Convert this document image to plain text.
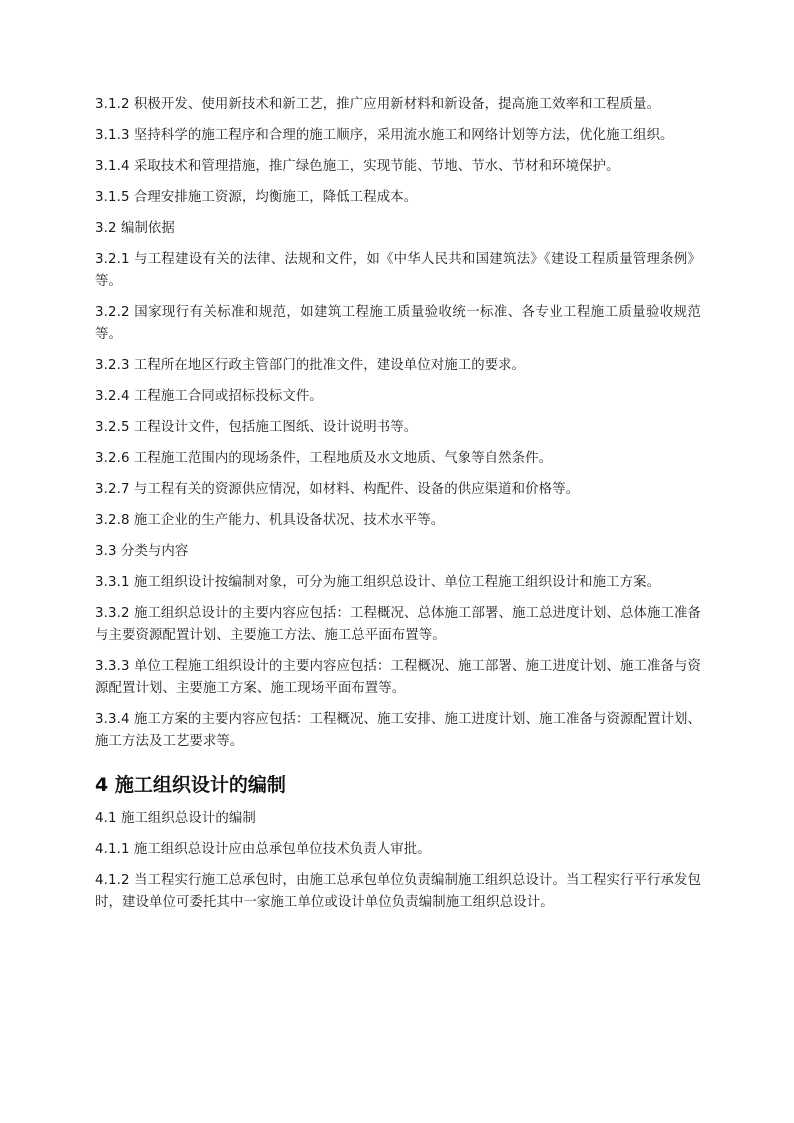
3.1.2 积极开发、使用新技术和新工艺，推广应用新材料和新设备，提高施工效率和工程质量。

3.1.3 坚持科学的施工程序和合理的施工顺序，采用流水施工和网络计划等方法，优化施工组织。

3.1.4 采取技术和管理措施，推广绿色施工，实现节能、节地、节水、节材和环境保护。

3.1.5 合理安排施工资源，均衡施工，降低工程成本。

3.2 编制依据

3.2.1 与工程建设有关的法律、法规和文件，如《中华人民共和国建筑法》《建设工程质量管理条例》等。

3.2.2 国家现行有关标准和规范，如建筑工程施工质量验收统一标准、各专业工程施工质量验收规范等。

3.2.3 工程所在地区行政主管部门的批准文件，建设单位对施工的要求。

3.2.4 工程施工合同或招标投标文件。

3.2.5 工程设计文件，包括施工图纸、设计说明书等。

3.2.6 工程施工范围内的现场条件，工程地质及水文地质、气象等自然条件。

3.2.7 与工程有关的资源供应情况，如材料、构配件、设备的供应渠道和价格等。

3.2.8 施工企业的生产能力、机具设备状况、技术水平等。

3.3 分类与内容

3.3.1 施工组织设计按编制对象，可分为施工组织总设计、单位工程施工组织设计和施工方案。

3.3.2 施工组织总设计的主要内容应包括：工程概况、总体施工部署、施工总进度计划、总体施工准备与主要资源配置计划、主要施工方法、施工总平面布置等。

3.3.3 单位工程施工组织设计的主要内容应包括：工程概况、施工部署、施工进度计划、施工准备与资源配置计划、主要施工方案、施工现场平面布置等。

3.3.4 施工方案的主要内容应包括：工程概况、施工安排、施工进度计划、施工准备与资源配置计划、施工方法及工艺要求等。

4 施工组织设计的编制

4.1 施工组织总设计的编制

4.1.1 施工组织总设计应由总承包单位技术负责人审批。

4.1.2 当工程实行施工总承包时，由施工总承包单位负责编制施工组织总设计。当工程实行平行承发包时，建设单位可委托其中一家施工单位或设计单位负责编制施工组织总设计。
